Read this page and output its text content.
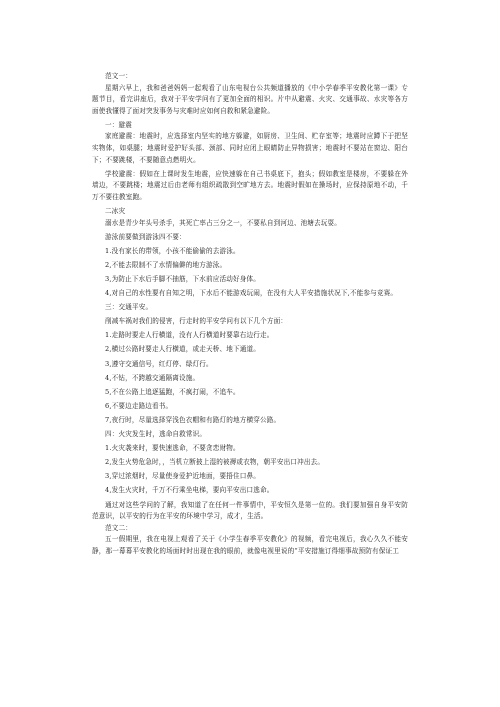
范文一：

星期六早上，我和爸爸妈妈一起观看了山东电视台公共频道播放的《中小学春季平安教化第一课》专题节目，看完讲座后，我对于平安学问有了更加全面的相识。片中从避震、火灾、交通事故、水灾等各方面使我懂得了面对突发事务与灾难时应如何自救和紧急避险。

一：避震

家庭避震：地震时，应选择室内坚实的地方躲避，如厨房、卫生间、贮存室等；地震时应蹲下于把坚实物体，如桌腿；地震时爱护好头部、颈部、同时应闭上眼睛防止异物损害；地震时不要站在窗边、阳台下；不要跳楼，不要随意点燃明火。

学校避震：假如在上课时发生地震，应快速躲在自己书桌底下，抱头；假如教室是楼房，不要躲在外墙边，不要跳楼；地震过后由老师有组织疏散到空旷地方去。地震时假如在操场时，应保持原地不动，千万不要往教室跑。

二冰灾

溺水是青少年头号杀手，其死亡率占三分之一，不要私自到河边、池塘去玩耍。

游泳前要做到游泳四不要：

1.没有家长的带领，小孩不能偷偷的去游泳。

2,不能去限制不了水情偏僻的地方游泳。

3,为防止下水后手脚不抽筋，下水前应活动好身体。

4,对自己的水性要有自知之明，下水后不能游戏玩闹，在没有大人平安措施状况下,不能参与竞赛。

三：交通平安。

削减车祸对我们的侵害，行走时的平安学问有以下几个方面：

1.走路时要走人行横道，没有人行横道时要靠右边行走。

2,横过公路时要走人行横道，或走天桥、地下通道。

3,遵守交通信号，红灯停、绿灯行。

4,不钻，不跨越交通隔离设施。

5,不在公路上追逐猛跑，不疯打闹，不追车。

6,不要边走路边看书。

7,夜行时，尽量选择穿浅色衣帽和有路灯的地方横穿公路。

四：火灾发生时，逃命自救常识。

1.火灾袭来时，要快速逃命，不要贪恋财物。

2,发生火势危急时，，当机立断披上湿的被褥或衣物，朝平安出口冲出去。

3,穿过浓烟时，尽量使身爱护近地面，要捂住口鼻。

4,发生火灾时，千万不行乘坐电梯，要向平安出口逃命。

通过对这些学问的了解，我知道了在任何一件事情中，平安恒久是第一位的。我们要加强自身平安防范意识，以平安的行为在平安的环境中学习，成才，生活。

范文二：

五一假期里，我在电视上观看了关于《小学生春季平安教化》的视频，看完电视后，我心久久不能安静，那一幕幕平安教化的场面时时出现在我的眼前，就像电视里说的“平安措施订得细事故预防有保证工
